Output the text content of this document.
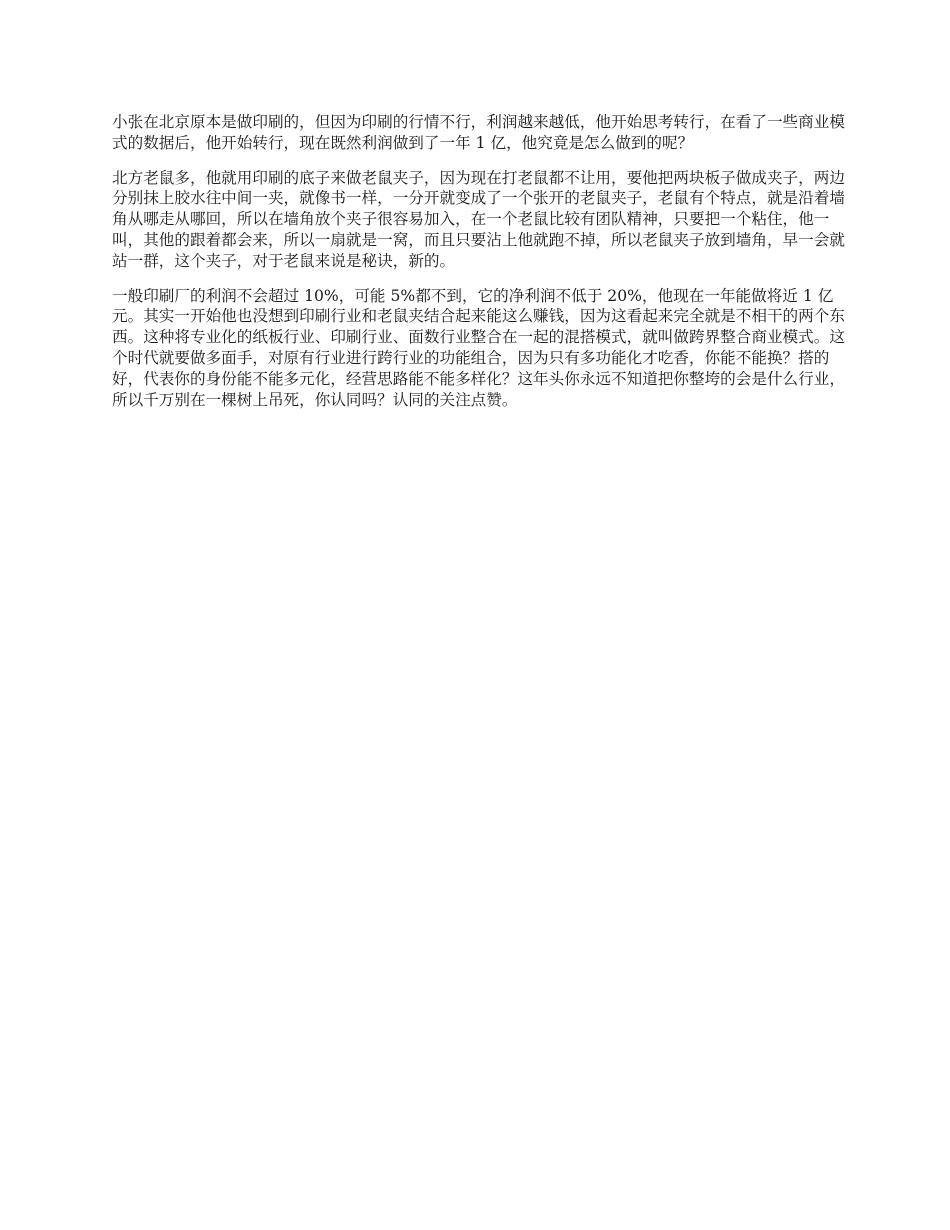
小张在北京原本是做印刷的，但因为印刷的行情不行，利润越来越低，他开始思考转行，在看了一些商业模式的数据后，他开始转行，现在既然利润做到了一年 1 亿，他究竟是怎么做到的呢？

北方老鼠多，他就用印刷的底子来做老鼠夹子，因为现在打老鼠都不让用，要他把两块板子做成夹子，两边分别抹上胶水往中间一夹，就像书一样，一分开就变成了一个张开的老鼠夹子，老鼠有个特点，就是沿着墙角从哪走从哪回，所以在墙角放个夹子很容易加入，在一个老鼠比较有团队精神，只要把一个粘住，他一叫，其他的跟着都会来，所以一扇就是一窝，而且只要沾上他就跑不掉，所以老鼠夹子放到墙角，早一会就站一群，这个夹子，对于老鼠来说是秘诀，新的。

一般印刷厂的利润不会超过 10%，可能 5%都不到，它的净利润不低于 20%，他现在一年能做将近 1 亿元。其实一开始他也没想到印刷行业和老鼠夹结合起来能这么赚钱，因为这看起来完全就是不相干的两个东西。这种将专业化的纸板行业、印刷行业、面数行业整合在一起的混搭模式，就叫做跨界整合商业模式。这个时代就要做多面手，对原有行业进行跨行业的功能组合，因为只有多功能化才吃香，你能不能换？搭的好，代表你的身份能不能多元化，经营思路能不能多样化？这年头你永远不知道把你整垮的会是什么行业，所以千万别在一棵树上吊死，你认同吗？认同的关注点赞。
